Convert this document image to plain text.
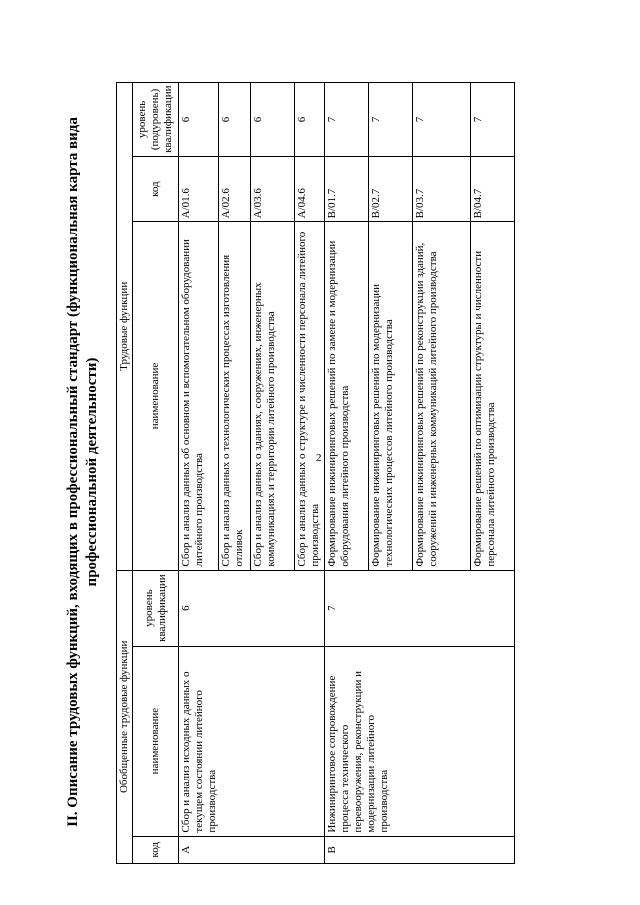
2
II. Описание трудовых функций, входящих в профессиональный стандарт (функциональная карта вида профессиональной деятельности)
Обобщенные трудовые функции			Трудовые функции		
код	наименование	уровень квалификации	наименование	код	уровень (подуровень) квалификации
A	Сбор и анализ исходных данных о текущем состоянии литейного производства	6	Сбор и анализ данных об основном и вспомогательном оборудовании литейного производства	A/01.6	6
			Сбор и анализ данных о технологических процессах изготовления отливок	A/02.6	6
			Сбор и анализ данных о зданиях, сооружениях, инженерных коммуникациях и территории литейного производства	A/03.6	6
			Сбор и анализ данных о структуре и численности персонала литейного производства	A/04.6	6
B	Инжиниринговое сопровождение процесса технического перевооружения, реконструкции и модернизации литейного производства	7	Формирование инжиниринговых решений по замене и модернизации оборудования литейного производства	B/01.7	7
			Формирование инжиниринговых решений по модернизации технологических процессов литейного производства	B/02.7	7
			Формирование инжиниринговых решений по реконструкции зданий, сооружений и инженерных коммуникаций литейного производства	B/03.7	7
			Формирование решений по оптимизации структуры и численности персонала литейного производства	B/04.7	7
